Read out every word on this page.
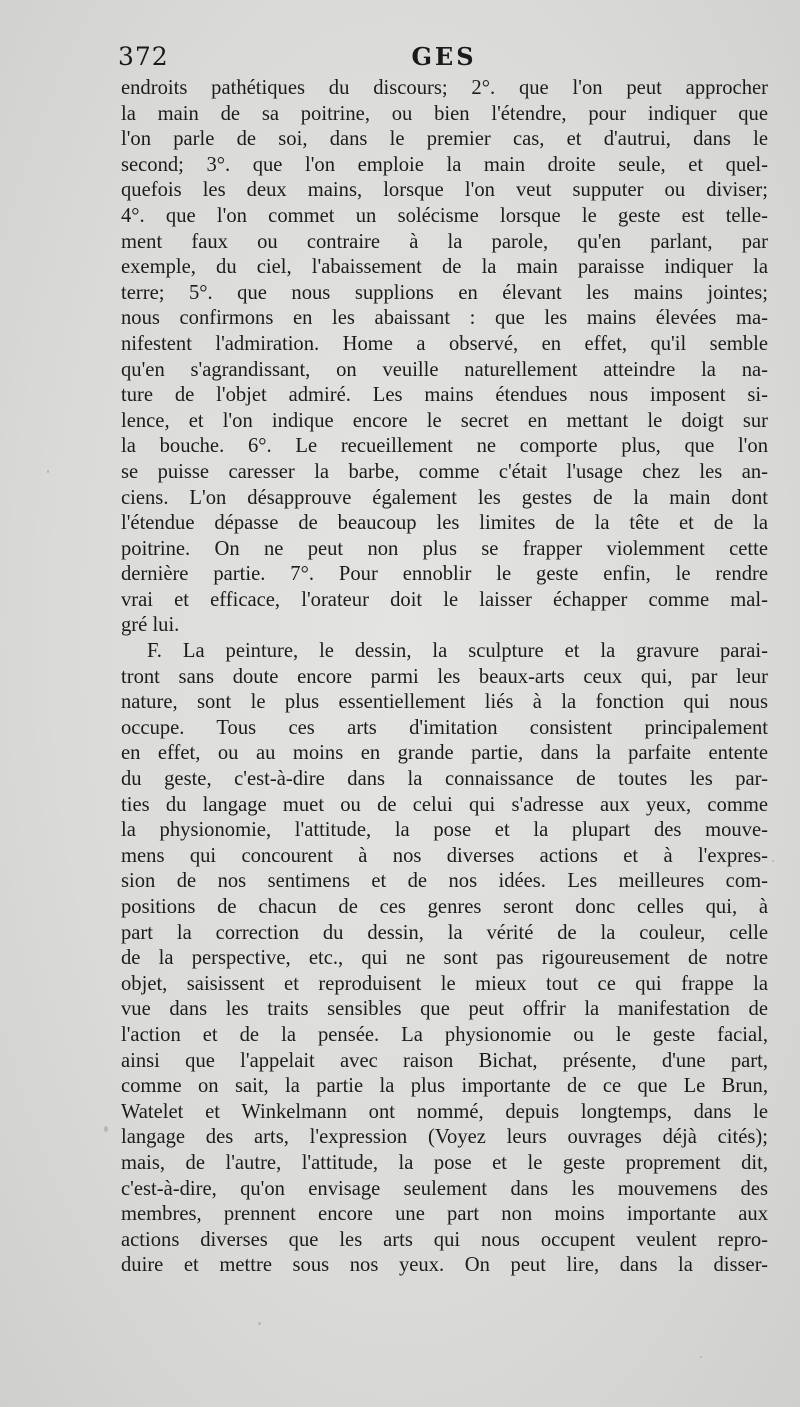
372	GES
endroits pathétiques du discours; 2°. que l'on peut approcher
la main de sa poitrine, ou bien l'étendre, pour indiquer que
l'on parle de soi, dans le premier cas, et d'autrui, dans le
second; 3°. que l'on emploie la main droite seule, et quel-
quefois les deux mains, lorsque l'on veut supputer ou diviser;
4°. que l'on commet un solécisme lorsque le geste est telle-
ment faux ou contraire à la parole, qu'en parlant, par
exemple, du ciel, l'abaissement de la main paraisse indiquer la
terre; 5°. que nous supplions en élevant les mains jointes;
nous confirmons en les abaissant : que les mains élevées ma-
nifestent l'admiration. Home a observé, en effet, qu'il semble
qu'en s'agrandissant, on veuille naturellement atteindre la na-
ture de l'objet admiré. Les mains étendues nous imposent si-
lence, et l'on indique encore le secret en mettant le doigt sur
la bouche. 6°. Le recueillement ne comporte plus, que l'on
se puisse caresser la barbe, comme c'était l'usage chez les an-
ciens. L'on désapprouve également les gestes de la main dont
l'étendue dépasse de beaucoup les limites de la tête et de la
poitrine. On ne peut non plus se frapper violemment cette
dernière partie. 7°. Pour ennoblir le geste enfin, le rendre
vrai et efficace, l'orateur doit le laisser échapper comme mal-
gré lui.
F. La peinture, le dessin, la sculpture et la gravure parai-
tront sans doute encore parmi les beaux-arts ceux qui, par leur
nature, sont le plus essentiellement liés à la fonction qui nous
occupe. Tous ces arts d'imitation consistent principalement
en effet, ou au moins en grande partie, dans la parfaite entente
du geste, c'est-à-dire dans la connaissance de toutes les par-
ties du langage muet ou de celui qui s'adresse aux yeux, comme
la physionomie, l'attitude, la pose et la plupart des mouve-
mens qui concourent à nos diverses actions et à l'expres-
sion de nos sentimens et de nos idées. Les meilleures com-
positions de chacun de ces genres seront donc celles qui, à
part la correction du dessin, la vérité de la couleur, celle
de la perspective, etc., qui ne sont pas rigoureusement de notre
objet, saisissent et reproduisent le mieux tout ce qui frappe la
vue dans les traits sensibles que peut offrir la manifestation de
l'action et de la pensée. La physionomie ou le geste facial,
ainsi que l'appelait avec raison Bichat, présente, d'une part,
comme on sait, la partie la plus importante de ce que Le Brun,
Watelet et Winkelmann ont nommé, depuis longtemps, dans le
langage des arts, l'expression (Voyez leurs ouvrages déjà cités);
mais, de l'autre, l'attitude, la pose et le geste proprement dit,
c'est-à-dire, qu'on envisage seulement dans les mouvemens des
membres, prennent encore une part non moins importante aux
actions diverses que les arts qui nous occupent veulent repro-
duire et mettre sous nos yeux. On peut lire, dans la disser-
